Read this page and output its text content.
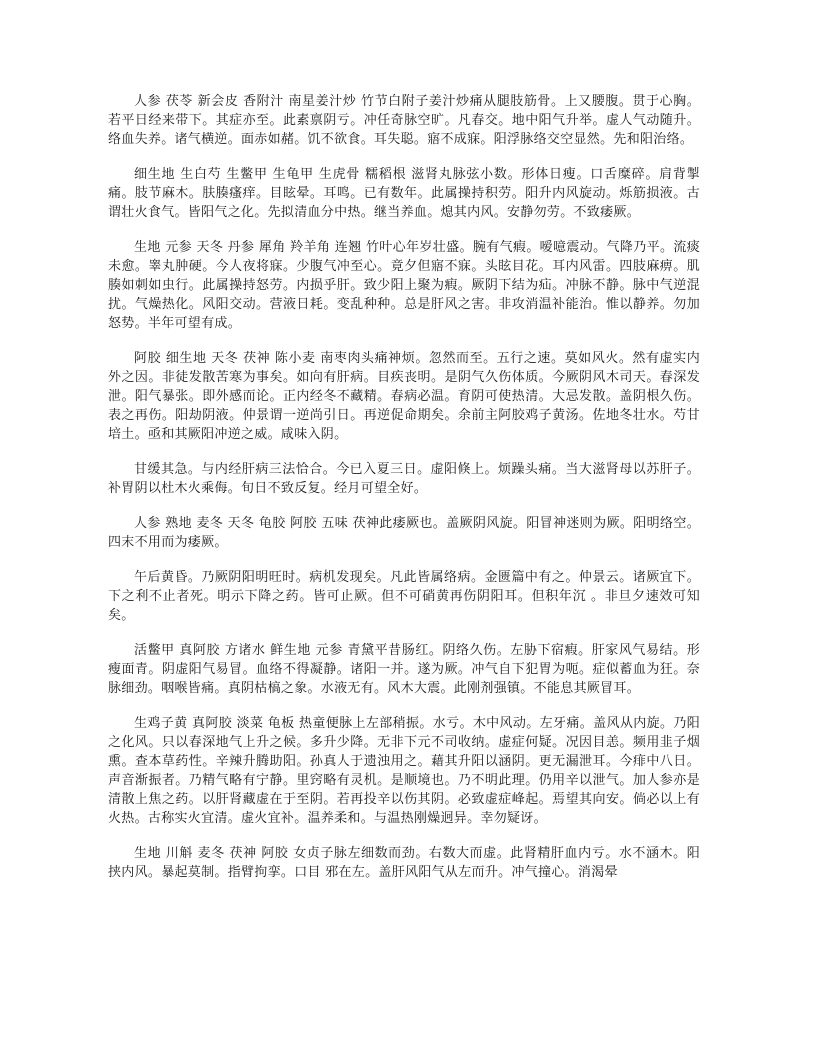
人参 茯苓 新会皮 香附汁 南星姜汁炒 竹节白附子姜汁炒痛从腿肢筋骨。上又腰腹。贯于心胸。若平日经来带下。其症亦至。此素禀阴亏。冲任奇脉空旷。凡春交。地中阳气升举。虚人气动随升。络血失养。诸气横逆。面赤如赭。饥不欲食。耳失聪。寤不成寐。阳浮脉络交空显然。先和阳治络。

细生地 生白芍 生鳖甲 生龟甲 生虎骨 糯稻根 滋肾丸脉弦小数。形体日瘦。口舌糜碎。肩背掣痛。肢节麻木。肤腠瘙痒。目眩晕。耳鸣。已有数年。此属操持积劳。阳升内风旋动。烁筋损液。古谓壮火食气。皆阳气之化。先拟清血分中热。继当养血。熄其内风。安静勿劳。不致痿厥。

生地 元参 天冬 丹参 犀角 羚羊角 连翘 竹叶心年岁壮盛。腕有气瘕。嗳噫震动。气降乃平。流痰未愈。睾丸肿硬。今人夜将寐。少腹气冲至心。竟夕但寤不寐。头眩目花。耳内风雷。四肢麻痹。肌腠如刺如虫行。此属操持怒劳。内损乎肝。致少阳上聚为瘕。厥阴下结为疝。冲脉不静。脉中气逆混扰。气燥热化。风阳交动。营液日耗。变乱种种。总是肝风之害。非攻消温补能治。惟以静养。勿加怒势。半年可望有成。

阿胶 细生地 天冬 茯神 陈小麦 南枣肉头痛神烦。忽然而至。五行之速。莫如风火。然有虚实内外之因。非徒发散苦寒为事矣。如向有肝病。目疾丧明。是阴气久伤体质。今厥阴风木司天。春深发泄。阳气暴张。即外感而论。正内经冬不藏精。春病必温。育阴可使热清。大忌发散。盖阴根久伤。表之再伤。阳劫阴液。仲景谓一逆尚引日。再逆促命期矣。余前主阿胶鸡子黄汤。佐地冬壮水。芍甘培土。亟和其厥阳冲逆之威。咸味入阴。

甘缓其急。与内经肝病三法恰合。今已入夏三日。虚阳倏上。烦躁头痛。当大滋肾母以苏肝子。补胃阴以杜木火乘侮。旬日不致反复。经月可望全好。

人参 熟地 麦冬 天冬 龟胶 阿胶 五味 茯神此痿厥也。盖厥阴风旋。阳冒神迷则为厥。阳明络空。四末不用而为痿厥。

午后黄昏。乃厥阴阳明旺时。病机发现矣。凡此皆属络病。金匮篇中有之。仲景云。诸厥宜下。下之利不止者死。明示下降之药。皆可止厥。但不可硝黄再伤阴阳耳。但积年沉 。非旦夕速效可知矣。

活鳖甲 真阿胶 方诸水 鲜生地 元参 青黛平昔肠红。阴络久伤。左胁下宿瘕。肝家风气易结。形瘦面青。阴虚阳气易冒。血络不得凝静。诸阳一并。遂为厥。冲气自下犯胃为呃。症似蓄血为狂。奈脉细劲。咽喉皆痛。真阴枯槁之象。水液无有。风木大震。此刚剂强镇。不能息其厥冒耳。

生鸡子黄 真阿胶 淡菜 龟板 热童便脉上左部稍振。水亏。木中风动。左牙痛。盖风从内旋。乃阳之化风。只以春深地气上升之候。多升少降。无非下元不司收纳。虚症何疑。况因目恙。频用韭子烟熏。查本草药性。辛辣升腾助阳。孙真人于遗浊用之。藉其升阳以涵阴。更无漏泄耳。今痱中八日。声音渐振者。乃精气略有宁静。里窍略有灵机。是顺境也。乃不明此理。仍用辛以泄气。加人参亦是清散上焦之药。以肝肾藏虚在于至阴。若再投辛以伤其阴。必致虚症峰起。焉望其向安。倘必以上有火热。古称实火宜清。虚火宜补。温养柔和。与温热刚燥迥异。幸勿疑讶。

生地 川斛 麦冬 茯神 阿胶 女贞子脉左细数而劲。右数大而虚。此肾精肝血内亏。水不涵木。阳挟内风。暴起莫制。指臂拘挛。口目 邪在左。盖肝风阳气从左而升。冲气撞心。消渴晕
